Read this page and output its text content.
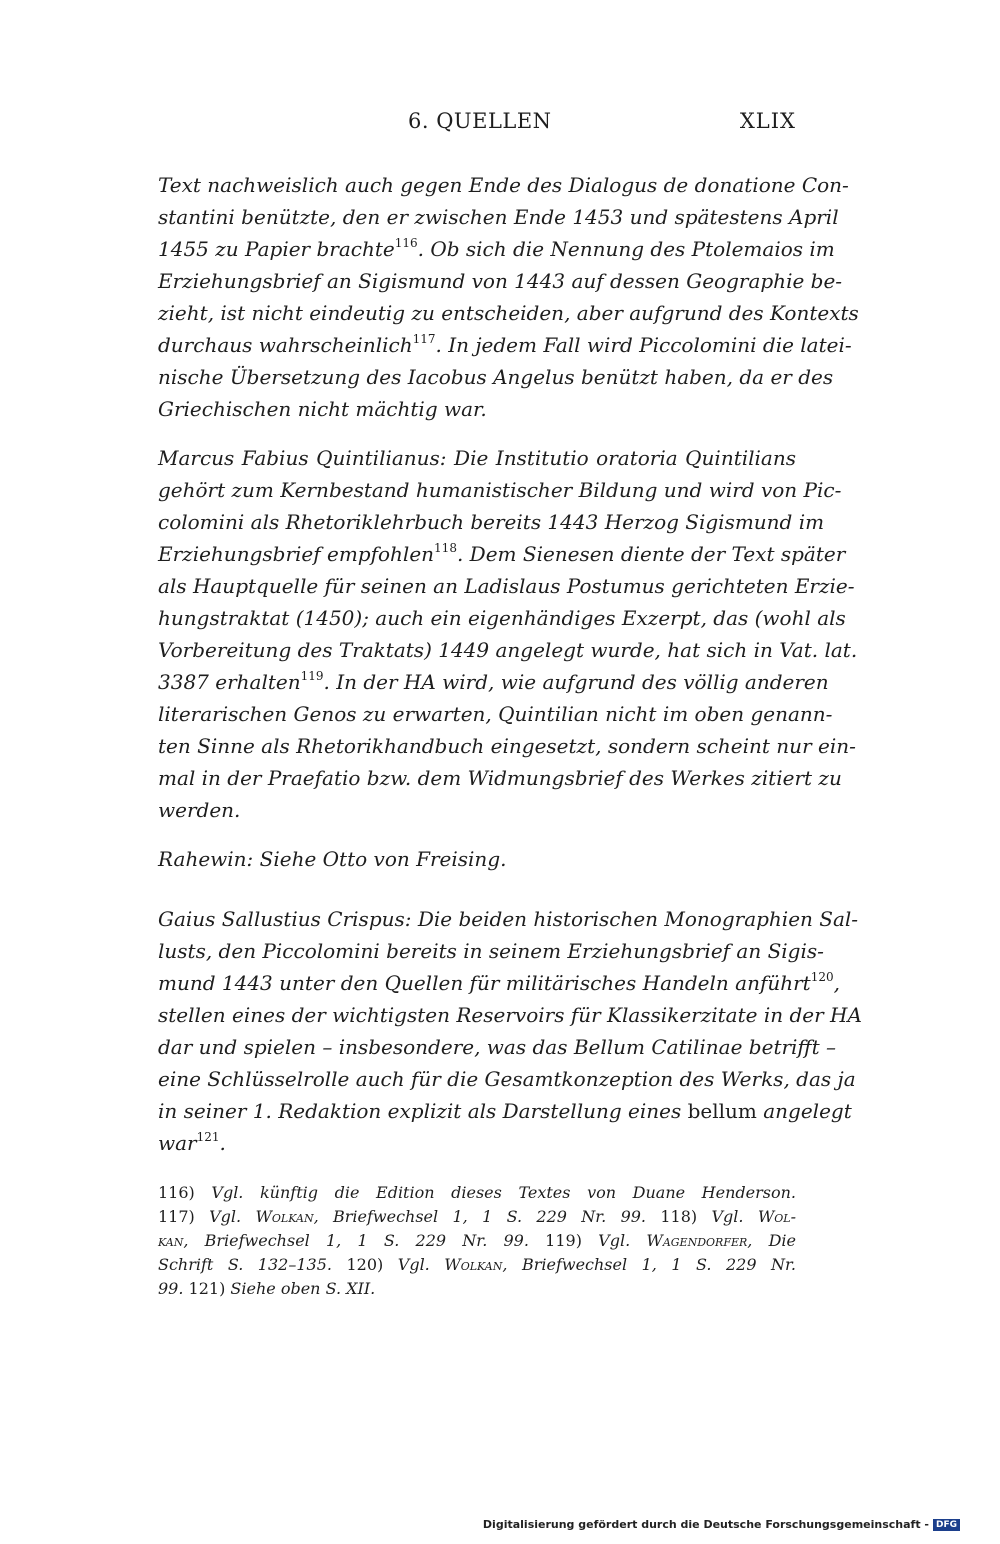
6. QUELLEN	XLIX
Text nachweislich auch gegen Ende des Dialogus de donatione Con-
stantini benützte, den er zwischen Ende 1453 und spätestens April
1455 zu Papier brachte$^{116}$. Ob sich die Nennung des Ptolemaios im
Erziehungsbrief an Sigismund von 1443 auf dessen Geographie be-
zieht, ist nicht eindeutig zu entscheiden, aber aufgrund des Kontexts
durchaus wahrscheinlich$^{117}$. In jedem Fall wird Piccolomini die latei-
nische Übersetzung des Iacobus Angelus benützt haben, da er des
Griechischen nicht mächtig war.
Marcus Fabius Quintilianus: Die Institutio oratoria Quintilians
gehört zum Kernbestand humanistischer Bildung und wird von Pic-
colomini als Rhetoriklehrbuch bereits 1443 Herzog Sigismund im
Erziehungsbrief empfohlen$^{118}$. Dem Sienesen diente der Text später
als Hauptquelle für seinen an Ladislaus Postumus gerichteten Erzie-
hungstraktat (1450); auch ein eigenhändiges Exzerpt, das (wohl als
Vorbereitung des Traktats) 1449 angelegt wurde, hat sich in Vat. lat.
3387 erhalten$^{119}$. In der HA wird, wie aufgrund des völlig anderen
literarischen Genos zu erwarten, Quintilian nicht im oben genann-
ten Sinne als Rhetorikhandbuch eingesetzt, sondern scheint nur ein-
mal in der Praefatio bzw. dem Widmungsbrief des Werkes zitiert zu
werden.
Rahewin: Siehe Otto von Freising.
Gaius Sallustius Crispus: Die beiden historischen Monographien Sal-
lusts, den Piccolomini bereits in seinem Erziehungsbrief an Sigis-
mund 1443 unter den Quellen für militärisches Handeln anführt$^{120}$,
stellen eines der wichtigsten Reservoirs für Klassikerzitate in der HA
dar und spielen – insbesondere, was das Bellum Catilinae betrifft –
eine Schlüsselrolle auch für die Gesamtkonzeption des Werks, das ja
in seiner 1. Redaktion explizit als Darstellung eines bellum angelegt
war$^{121}$.
116) Vgl. künftig die Edition dieses Textes von Duane Henderson.
117) Vgl. Wolkan, Briefwechsel 1, 1 S. 229 Nr. 99. 118) Vgl. Wol-
kan, Briefwechsel 1, 1 S. 229 Nr. 99. 119) Vgl. Wagendorfer, Die
Schrift S. 132–135. 120) Vgl. Wolkan, Briefwechsel 1, 1 S. 229 Nr.
99. 121) Siehe oben S. XII.
Digitalisierung gefördert durch die Deutsche Forschungsgemeinschaft - DFG
